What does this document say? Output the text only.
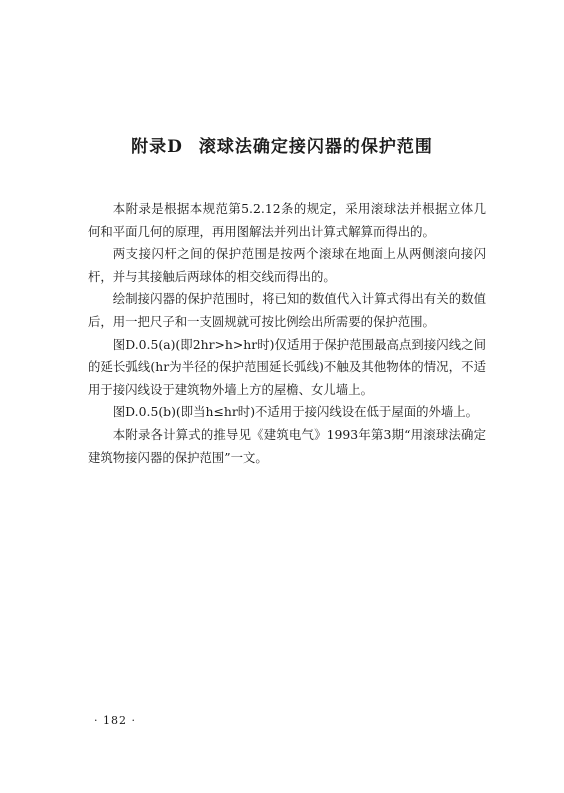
附录D 滚球法确定接闪器的保护范围

本附录是根据本规范第5.2.12条的规定，采用滚球法并根据立体几何和平面几何的原理，再用图解法并列出计算式解算而得出的。

两支接闪杆之间的保护范围是按两个滚球在地面上从两侧滚向接闪杆，并与其接触后两球体的相交线而得出的。

绘制接闪器的保护范围时，将已知的数值代入计算式得出有关的数值后，用一把尺子和一支圆规就可按比例绘出所需要的保护范围。

图D.0.5(a)(即2hr>h>hr时)仅适用于保护范围最高点到接闪线之间的延长弧线(hr为半径的保护范围延长弧线)不触及其他物体的情况，不适用于接闪线设于建筑物外墙上方的屋檐、女儿墙上。

图D.0.5(b)(即当h≤hr时)不适用于接闪线设在低于屋面的外墙上。

本附录各计算式的推导见《建筑电气》1993年第3期“用滚球法确定建筑物接闪器的保护范围”一文。

· 182 ·
